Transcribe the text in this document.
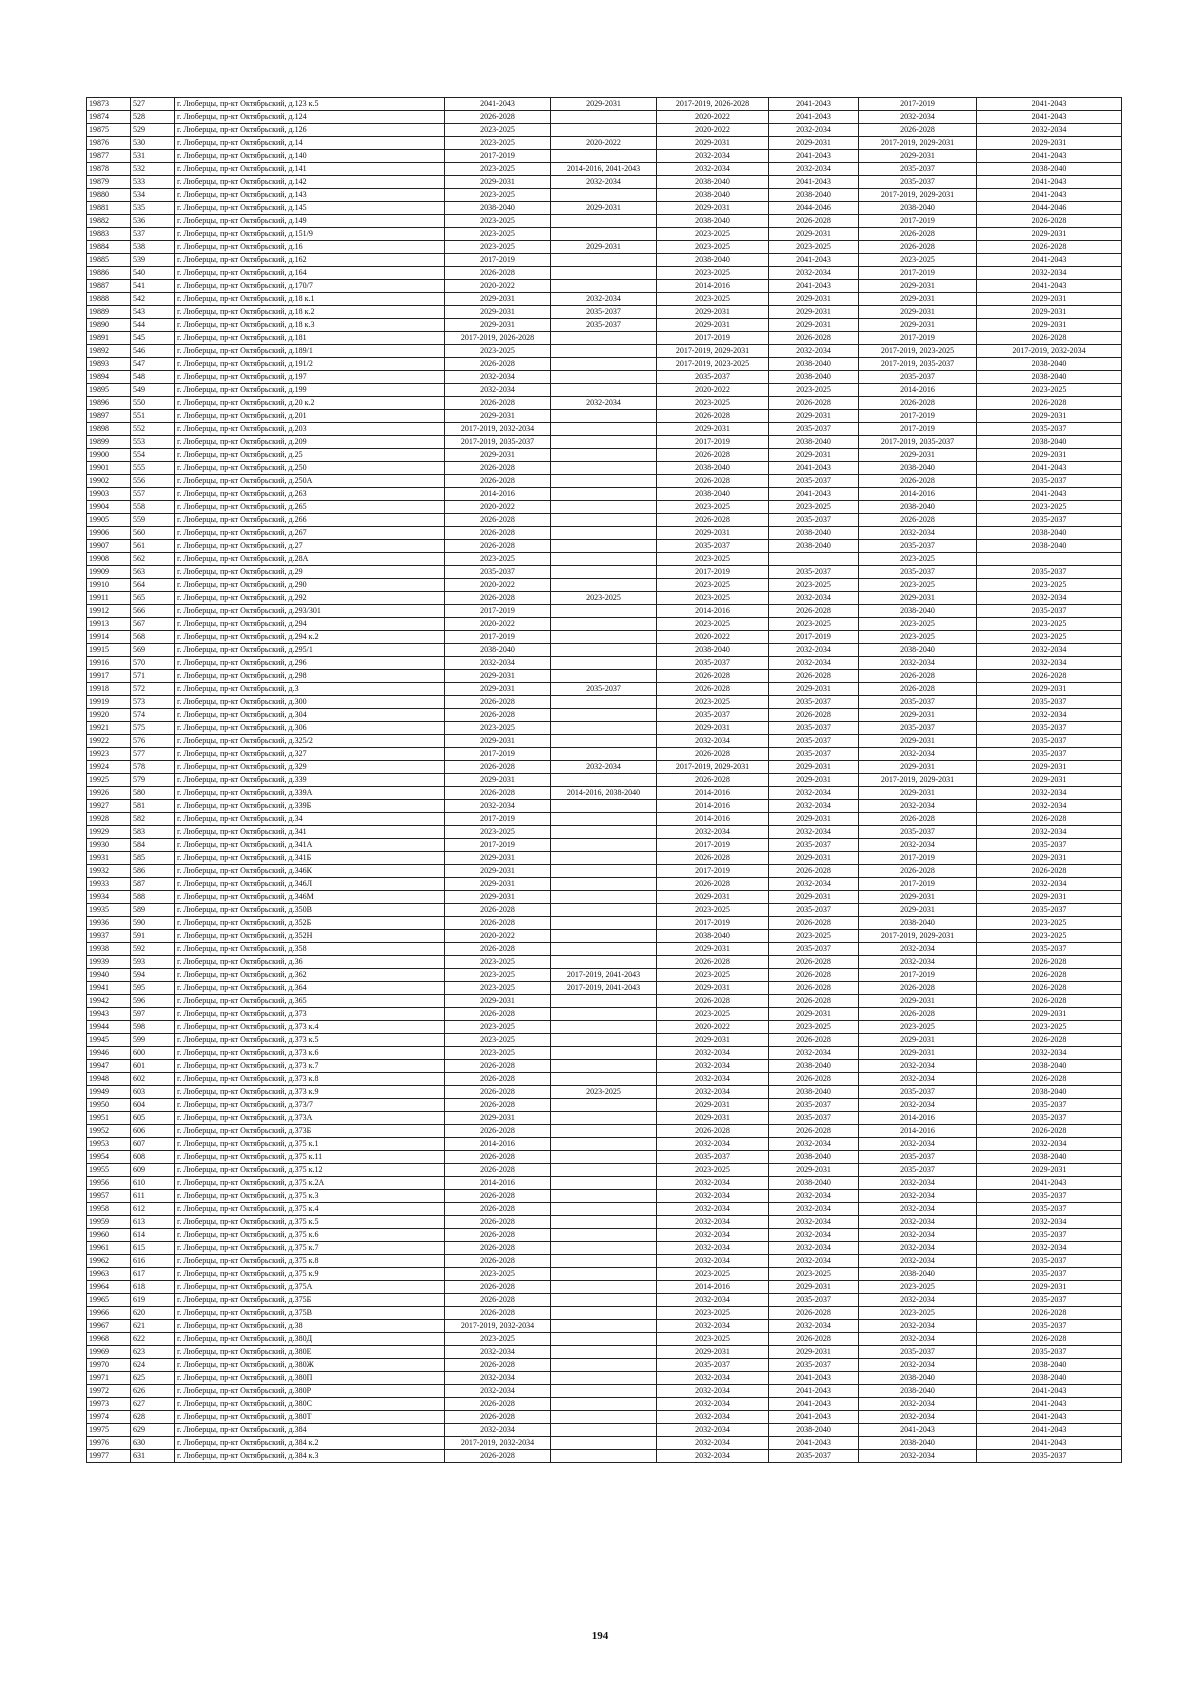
19873	527	г. Люберцы, пр-кт Октябрьский, д.123 к.5	2041-2043	2029-2031	2017-2019, 2026-2028	2041-2043	2017-2019	2041-2043
19874	528	г. Люберцы, пр-кт Октябрьский, д.124	2026-2028		2020-2022	2041-2043	2032-2034	2041-2043
19875	529	г. Люберцы, пр-кт Октябрьский, д.126	2023-2025		2020-2022	2032-2034	2026-2028	2032-2034
19876	530	г. Люберцы, пр-кт Октябрьский, д.14	2023-2025	2020-2022	2029-2031	2029-2031	2017-2019, 2029-2031	2029-2031
19877	531	г. Люберцы, пр-кт Октябрьский, д.140	2017-2019		2032-2034	2041-2043	2029-2031	2041-2043
19878	532	г. Люберцы, пр-кт Октябрьский, д.141	2023-2025	2014-2016, 2041-2043	2032-2034	2032-2034	2035-2037	2038-2040
19879	533	г. Люберцы, пр-кт Октябрьский, д.142	2029-2031	2032-2034	2038-2040	2041-2043	2035-2037	2041-2043
19880	534	г. Люберцы, пр-кт Октябрьский, д.143	2023-2025		2038-2040	2038-2040	2017-2019, 2029-2031	2041-2043
19881	535	г. Люберцы, пр-кт Октябрьский, д.145	2038-2040	2029-2031	2029-2031	2044-2046	2038-2040	2044-2046
19882	536	г. Люберцы, пр-кт Октябрьский, д.149	2023-2025		2038-2040	2026-2028	2017-2019	2026-2028
19883	537	г. Люберцы, пр-кт Октябрьский, д.151/9	2023-2025		2023-2025	2029-2031	2026-2028	2029-2031
19884	538	г. Люберцы, пр-кт Октябрьский, д.16	2023-2025	2029-2031	2023-2025	2023-2025	2026-2028	2026-2028
19885	539	г. Люберцы, пр-кт Октябрьский, д.162	2017-2019		2038-2040	2041-2043	2023-2025	2041-2043
19886	540	г. Люберцы, пр-кт Октябрьский, д.164	2026-2028		2023-2025	2032-2034	2017-2019	2032-2034
19887	541	г. Люберцы, пр-кт Октябрьский, д.170/7	2020-2022		2014-2016	2041-2043	2029-2031	2041-2043
19888	542	г. Люберцы, пр-кт Октябрьский, д.18 к.1	2029-2031	2032-2034	2023-2025	2029-2031	2029-2031	2029-2031
19889	543	г. Люберцы, пр-кт Октябрьский, д.18 к.2	2029-2031	2035-2037	2029-2031	2029-2031	2029-2031	2029-2031
19890	544	г. Люберцы, пр-кт Октябрьский, д.18 к.3	2029-2031	2035-2037	2029-2031	2029-2031	2029-2031	2029-2031
19891	545	г. Люберцы, пр-кт Октябрьский, д.181	2017-2019, 2026-2028		2017-2019	2026-2028	2017-2019	2026-2028
19892	546	г. Люберцы, пр-кт Октябрьский, д.189/1	2023-2025		2017-2019, 2029-2031	2032-2034	2017-2019, 2023-2025	2017-2019, 2032-2034
19893	547	г. Люберцы, пр-кт Октябрьский, д.191/2	2026-2028		2017-2019, 2023-2025	2038-2040	2017-2019, 2035-2037	2038-2040
19894	548	г. Люберцы, пр-кт Октябрьский, д.197	2032-2034		2035-2037	2038-2040	2035-2037	2038-2040
19895	549	г. Люберцы, пр-кт Октябрьский, д.199	2032-2034		2020-2022	2023-2025	2014-2016	2023-2025
19896	550	г. Люберцы, пр-кт Октябрьский, д.20 к.2	2026-2028	2032-2034	2023-2025	2026-2028	2026-2028	2026-2028
19897	551	г. Люберцы, пр-кт Октябрьский, д.201	2029-2031		2026-2028	2029-2031	2017-2019	2029-2031
19898	552	г. Люберцы, пр-кт Октябрьский, д.203	2017-2019, 2032-2034		2029-2031	2035-2037	2017-2019	2035-2037
19899	553	г. Люберцы, пр-кт Октябрьский, д.209	2017-2019, 2035-2037		2017-2019	2038-2040	2017-2019, 2035-2037	2038-2040
19900	554	г. Люберцы, пр-кт Октябрьский, д.25	2029-2031		2026-2028	2029-2031	2029-2031	2029-2031
19901	555	г. Люберцы, пр-кт Октябрьский, д.250	2026-2028		2038-2040	2041-2043	2038-2040	2041-2043
19902	556	г. Люберцы, пр-кт Октябрьский, д.250А	2026-2028		2026-2028	2035-2037	2026-2028	2035-2037
19903	557	г. Люберцы, пр-кт Октябрьский, д.263	2014-2016		2038-2040	2041-2043	2014-2016	2041-2043
19904	558	г. Люберцы, пр-кт Октябрьский, д.265	2020-2022		2023-2025	2023-2025	2038-2040	2023-2025
19905	559	г. Люберцы, пр-кт Октябрьский, д.266	2026-2028		2026-2028	2035-2037	2026-2028	2035-2037
19906	560	г. Люберцы, пр-кт Октябрьский, д.267	2026-2028		2029-2031	2038-2040	2032-2034	2038-2040
19907	561	г. Люберцы, пр-кт Октябрьский, д.27	2026-2028		2035-2037	2038-2040	2035-2037	2038-2040
19908	562	г. Люберцы, пр-кт Октябрьский, д.28А	2023-2025		2023-2025		2023-2025	
19909	563	г. Люберцы, пр-кт Октябрьский, д.29	2035-2037		2017-2019	2035-2037	2035-2037	2035-2037
19910	564	г. Люберцы, пр-кт Октябрьский, д.290	2020-2022		2023-2025	2023-2025	2023-2025	2023-2025
19911	565	г. Люберцы, пр-кт Октябрьский, д.292	2026-2028	2023-2025	2023-2025	2032-2034	2029-2031	2032-2034
19912	566	г. Люберцы, пр-кт Октябрьский, д.293/301	2017-2019		2014-2016	2026-2028	2038-2040	2035-2037
19913	567	г. Люберцы, пр-кт Октябрьский, д.294	2020-2022		2023-2025	2023-2025	2023-2025	2023-2025
19914	568	г. Люберцы, пр-кт Октябрьский, д.294 к.2	2017-2019		2020-2022	2017-2019	2023-2025	2023-2025
19915	569	г. Люберцы, пр-кт Октябрьский, д.295/1	2038-2040		2038-2040	2032-2034	2038-2040	2032-2034
19916	570	г. Люберцы, пр-кт Октябрьский, д.296	2032-2034		2035-2037	2032-2034	2032-2034	2032-2034
19917	571	г. Люберцы, пр-кт Октябрьский, д.298	2029-2031		2026-2028	2026-2028	2026-2028	2026-2028
19918	572	г. Люберцы, пр-кт Октябрьский, д.3	2029-2031	2035-2037	2026-2028	2029-2031	2026-2028	2029-2031
19919	573	г. Люберцы, пр-кт Октябрьский, д.300	2026-2028		2023-2025	2035-2037	2035-2037	2035-2037
19920	574	г. Люберцы, пр-кт Октябрьский, д.304	2026-2028		2035-2037	2026-2028	2029-2031	2032-2034
19921	575	г. Люберцы, пр-кт Октябрьский, д.306	2023-2025		2029-2031	2035-2037	2035-2037	2035-2037
19922	576	г. Люберцы, пр-кт Октябрьский, д.325/2	2029-2031		2032-2034	2035-2037	2029-2031	2035-2037
19923	577	г. Люберцы, пр-кт Октябрьский, д.327	2017-2019		2026-2028	2035-2037	2032-2034	2035-2037
19924	578	г. Люберцы, пр-кт Октябрьский, д.329	2026-2028	2032-2034	2017-2019, 2029-2031	2029-2031	2029-2031	2029-2031
19925	579	г. Люберцы, пр-кт Октябрьский, д.339	2029-2031		2026-2028	2029-2031	2017-2019, 2029-2031	2029-2031
19926	580	г. Люберцы, пр-кт Октябрьский, д.339А	2026-2028	2014-2016, 2038-2040	2014-2016	2032-2034	2029-2031	2032-2034
19927	581	г. Люберцы, пр-кт Октябрьский, д.339Б	2032-2034		2014-2016	2032-2034	2032-2034	2032-2034
19928	582	г. Люберцы, пр-кт Октябрьский, д.34	2017-2019		2014-2016	2029-2031	2026-2028	2026-2028
19929	583	г. Люберцы, пр-кт Октябрьский, д.341	2023-2025		2032-2034	2032-2034	2035-2037	2032-2034
19930	584	г. Люберцы, пр-кт Октябрьский, д.341А	2017-2019		2017-2019	2035-2037	2032-2034	2035-2037
19931	585	г. Люберцы, пр-кт Октябрьский, д.341Б	2029-2031		2026-2028	2029-2031	2017-2019	2029-2031
19932	586	г. Люберцы, пр-кт Октябрьский, д.346К	2029-2031		2017-2019	2026-2028	2026-2028	2026-2028
19933	587	г. Люберцы, пр-кт Октябрьский, д.346Л	2029-2031		2026-2028	2032-2034	2017-2019	2032-2034
19934	588	г. Люберцы, пр-кт Октябрьский, д.346М	2029-2031		2029-2031	2029-2031	2029-2031	2029-2031
19935	589	г. Люберцы, пр-кт Октябрьский, д.350В	2026-2028		2023-2025	2035-2037	2029-2031	2035-2037
19936	590	г. Люберцы, пр-кт Октябрьский, д.352Б	2026-2028		2017-2019	2026-2028	2038-2040	2023-2025
19937	591	г. Люберцы, пр-кт Октябрьский, д.352Н	2020-2022		2038-2040	2023-2025	2017-2019, 2029-2031	2023-2025
19938	592	г. Люберцы, пр-кт Октябрьский, д.358	2026-2028		2029-2031	2035-2037	2032-2034	2035-2037
19939	593	г. Люберцы, пр-кт Октябрьский, д.36	2023-2025		2026-2028	2026-2028	2032-2034	2026-2028
19940	594	г. Люберцы, пр-кт Октябрьский, д.362	2023-2025	2017-2019, 2041-2043	2023-2025	2026-2028	2017-2019	2026-2028
19941	595	г. Люберцы, пр-кт Октябрьский, д.364	2023-2025	2017-2019, 2041-2043	2029-2031	2026-2028	2026-2028	2026-2028
19942	596	г. Люберцы, пр-кт Октябрьский, д.365	2029-2031		2026-2028	2026-2028	2029-2031	2026-2028
19943	597	г. Люберцы, пр-кт Октябрьский, д.373	2026-2028		2023-2025	2029-2031	2026-2028	2029-2031
19944	598	г. Люберцы, пр-кт Октябрьский, д.373 к.4	2023-2025		2020-2022	2023-2025	2023-2025	2023-2025
19945	599	г. Люберцы, пр-кт Октябрьский, д.373 к.5	2023-2025		2029-2031	2026-2028	2029-2031	2026-2028
19946	600	г. Люберцы, пр-кт Октябрьский, д.373 к.6	2023-2025		2032-2034	2032-2034	2029-2031	2032-2034
19947	601	г. Люберцы, пр-кт Октябрьский, д.373 к.7	2026-2028		2032-2034	2038-2040	2032-2034	2038-2040
19948	602	г. Люберцы, пр-кт Октябрьский, д.373 к.8	2026-2028		2032-2034	2026-2028	2032-2034	2026-2028
19949	603	г. Люберцы, пр-кт Октябрьский, д.373 к.9	2026-2028	2023-2025	2032-2034	2038-2040	2035-2037	2038-2040
19950	604	г. Люберцы, пр-кт Октябрьский, д.373/7	2026-2028		2029-2031	2035-2037	2032-2034	2035-2037
19951	605	г. Люберцы, пр-кт Октябрьский, д.373А	2029-2031		2029-2031	2035-2037	2014-2016	2035-2037
19952	606	г. Люберцы, пр-кт Октябрьский, д.373Б	2026-2028		2026-2028	2026-2028	2014-2016	2026-2028
19953	607	г. Люберцы, пр-кт Октябрьский, д.375 к.1	2014-2016		2032-2034	2032-2034	2032-2034	2032-2034
19954	608	г. Люберцы, пр-кт Октябрьский, д.375 к.11	2026-2028		2035-2037	2038-2040	2035-2037	2038-2040
19955	609	г. Люберцы, пр-кт Октябрьский, д.375 к.12	2026-2028		2023-2025	2029-2031	2035-2037	2029-2031
19956	610	г. Люберцы, пр-кт Октябрьский, д.375 к.2А	2014-2016		2032-2034	2038-2040	2032-2034	2041-2043
19957	611	г. Люберцы, пр-кт Октябрьский, д.375 к.3	2026-2028		2032-2034	2032-2034	2032-2034	2035-2037
19958	612	г. Люберцы, пр-кт Октябрьский, д.375 к.4	2026-2028		2032-2034	2032-2034	2032-2034	2035-2037
19959	613	г. Люберцы, пр-кт Октябрьский, д.375 к.5	2026-2028		2032-2034	2032-2034	2032-2034	2032-2034
19960	614	г. Люберцы, пр-кт Октябрьский, д.375 к.6	2026-2028		2032-2034	2032-2034	2032-2034	2035-2037
19961	615	г. Люберцы, пр-кт Октябрьский, д.375 к.7	2026-2028		2032-2034	2032-2034	2032-2034	2032-2034
19962	616	г. Люберцы, пр-кт Октябрьский, д.375 к.8	2026-2028		2032-2034	2032-2034	2032-2034	2035-2037
19963	617	г. Люберцы, пр-кт Октябрьский, д.375 к.9	2023-2025		2023-2025	2023-2025	2038-2040	2035-2037
19964	618	г. Люберцы, пр-кт Октябрьский, д.375А	2026-2028		2014-2016	2029-2031	2023-2025	2029-2031
19965	619	г. Люберцы, пр-кт Октябрьский, д.375Б	2026-2028		2032-2034	2035-2037	2032-2034	2035-2037
19966	620	г. Люберцы, пр-кт Октябрьский, д.375В	2026-2028		2023-2025	2026-2028	2023-2025	2026-2028
19967	621	г. Люберцы, пр-кт Октябрьский, д.38	2017-2019, 2032-2034		2032-2034	2032-2034	2032-2034	2035-2037
19968	622	г. Люберцы, пр-кт Октябрьский, д.380Д	2023-2025		2023-2025	2026-2028	2032-2034	2026-2028
19969	623	г. Люберцы, пр-кт Октябрьский, д.380Е	2032-2034		2029-2031	2029-2031	2035-2037	2035-2037
19970	624	г. Люберцы, пр-кт Октябрьский, д.380Ж	2026-2028		2035-2037	2035-2037	2032-2034	2038-2040
19971	625	г. Люберцы, пр-кт Октябрьский, д.380П	2032-2034		2032-2034	2041-2043	2038-2040	2038-2040
19972	626	г. Люберцы, пр-кт Октябрьский, д.380Р	2032-2034		2032-2034	2041-2043	2038-2040	2041-2043
19973	627	г. Люберцы, пр-кт Октябрьский, д.380С	2026-2028		2032-2034	2041-2043	2032-2034	2041-2043
19974	628	г. Люберцы, пр-кт Октябрьский, д.380Т	2026-2028		2032-2034	2041-2043	2032-2034	2041-2043
19975	629	г. Люберцы, пр-кт Октябрьский, д.384	2032-2034		2032-2034	2038-2040	2041-2043	2041-2043
19976	630	г. Люберцы, пр-кт Октябрьский, д.384 к.2	2017-2019, 2032-2034		2032-2034	2041-2043	2038-2040	2041-2043
19977	631	г. Люберцы, пр-кт Октябрьский, д.384 к.3	2026-2028		2032-2034	2035-2037	2032-2034	2035-2037
194
